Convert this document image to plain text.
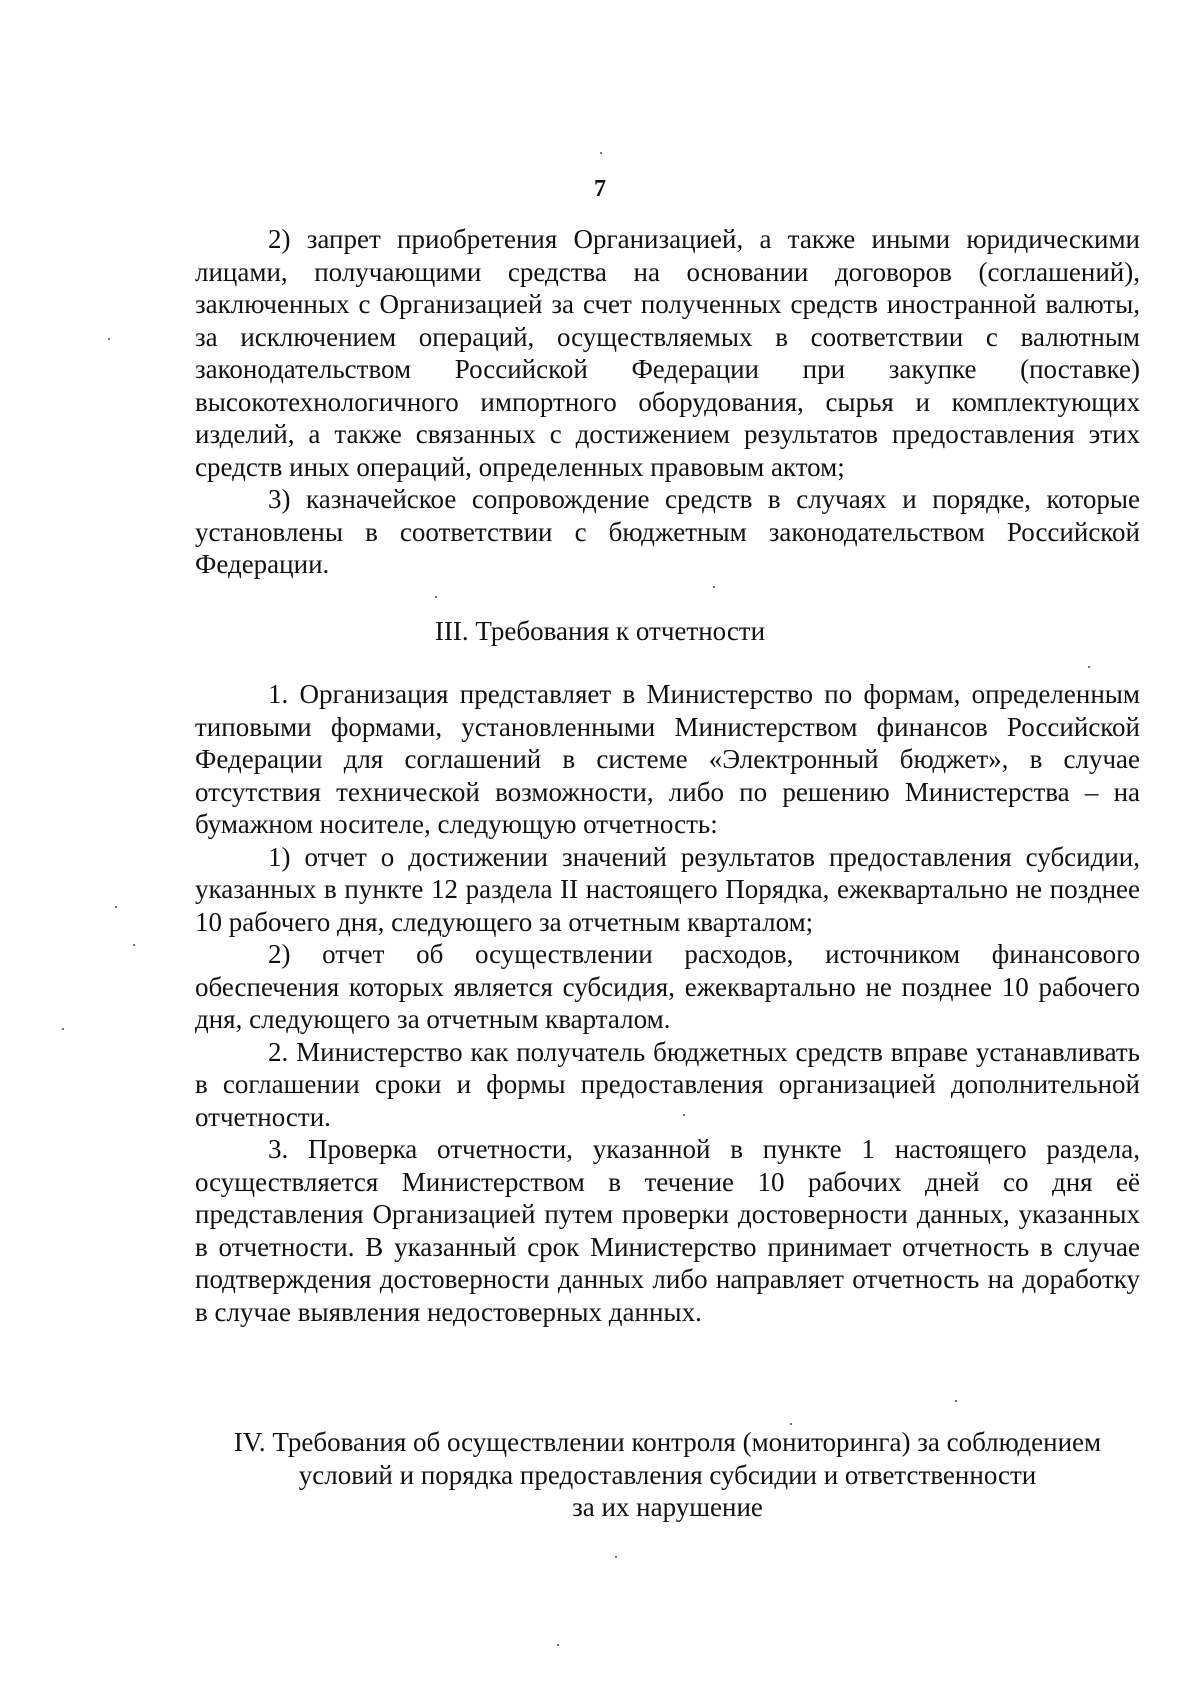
7

2) запрет приобретения Организацией, а также иными юридическими лицами, получающими средства на основании договоров (соглашений), заключенных с Организацией за счет полученных средств иностранной валюты, за исключением операций, осуществляемых в соответствии с валютным законодательством Российской Федерации при закупке (поставке) высокотехнологичного импортного оборудования, сырья и комплектующих изделий, а также связанных с достижением результатов предоставления этих средств иных операций, определенных правовым актом;

3) казначейское сопровождение средств в случаях и порядке, которые установлены в соответствии с бюджетным законодательством Российской Федерации.

III. Требования к отчетности

1. Организация представляет в Министерство по формам, определенным типовыми формами, установленными Министерством финансов Российской Федерации для соглашений в системе «Электронный бюджет», в случае отсутствия технической возможности, либо по решению Министерства – на бумажном носителе, следующую отчетность:

1) отчет о достижении значений результатов предоставления субсидии, указанных в пункте 12 раздела II настоящего Порядка, ежеквартально не позднее 10 рабочего дня, следующего за отчетным кварталом;

2) отчет об осуществлении расходов, источником финансового обеспечения которых является субсидия, ежеквартально не позднее 10 рабочего дня, следующего за отчетным кварталом.

2. Министерство как получатель бюджетных средств вправе устанавливать в соглашении сроки и формы предоставления организацией дополнительной отчетности.

3. Проверка отчетности, указанной в пункте 1 настоящего раздела, осуществляется Министерством в течение 10 рабочих дней со дня её представления Организацией путем проверки достоверности данных, указанных в отчетности. В указанный срок Министерство принимает отчетность в случае подтверждения достоверности данных либо направляет отчетность на доработку в случае выявления недостоверных данных.

IV. Требования об осуществлении контроля (мониторинга) за соблюдением
условий и порядка предоставления субсидии и ответственности
за их нарушение
